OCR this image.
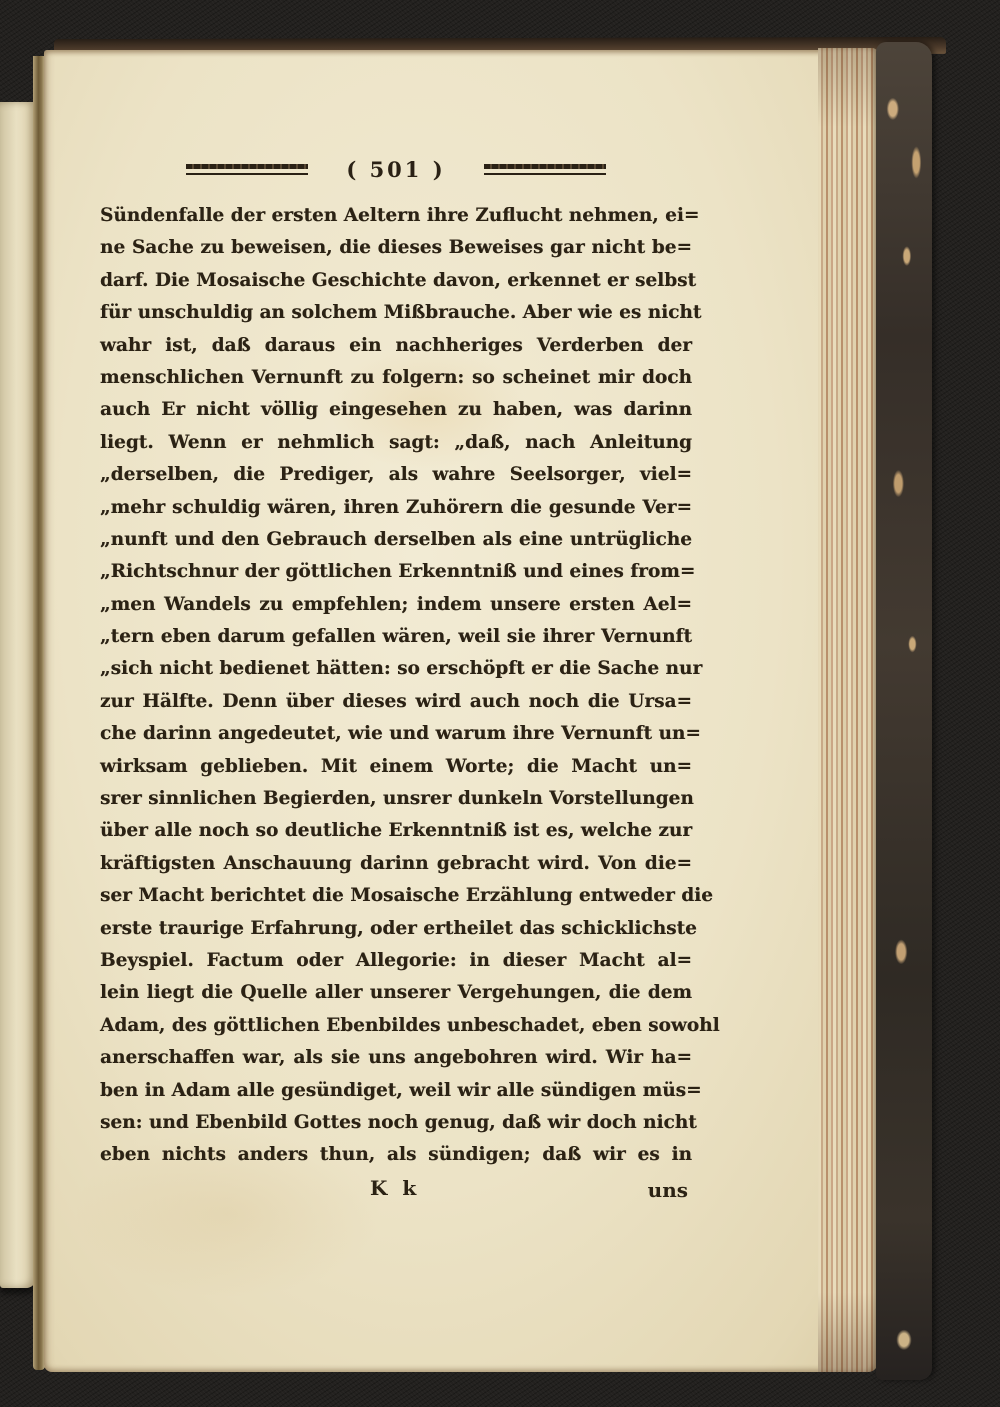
( 501 )
Sündenfalle der ersten Aeltern ihre Zuflucht nehmen, ei=
ne Sache zu beweisen, die dieses Beweises gar nicht be=
darf. Die Mosaische Geschichte davon, erkennet er selbst
für unschuldig an solchem Mißbrauche. Aber wie es nicht
wahr ist, daß daraus ein nachheriges Verderben der
menschlichen Vernunft zu folgern: so scheinet mir doch
auch Er nicht völlig eingesehen zu haben, was darinn
liegt. Wenn er nehmlich sagt: „daß, nach Anleitung
„derselben, die Prediger, als wahre Seelsorger, viel=
„mehr schuldig wären, ihren Zuhörern die gesunde Ver=
„nunft und den Gebrauch derselben als eine untrügliche
„Richtschnur der göttlichen Erkenntniß und eines from=
„men Wandels zu empfehlen; indem unsere ersten Ael=
„tern eben darum gefallen wären, weil sie ihrer Vernunft
„sich nicht bedienet hätten: so erschöpft er die Sache nur
zur Hälfte. Denn über dieses wird auch noch die Ursa=
che darinn angedeutet, wie und warum ihre Vernunft un=
wirksam geblieben. Mit einem Worte; die Macht un=
srer sinnlichen Begierden, unsrer dunkeln Vorstellungen
über alle noch so deutliche Erkenntniß ist es, welche zur
kräftigsten Anschauung darinn gebracht wird. Von die=
ser Macht berichtet die Mosaische Erzählung entweder die
erste traurige Erfahrung, oder ertheilet das schicklichste
Beyspiel. Factum oder Allegorie: in dieser Macht al=
lein liegt die Quelle aller unserer Vergehungen, die dem
Adam, des göttlichen Ebenbildes unbeschadet, eben sowohl
anerschaffen war, als sie uns angebohren wird. Wir ha=
ben in Adam alle gesündiget, weil wir alle sündigen müs=
sen: und Ebenbild Gottes noch genug, daß wir doch nicht
eben nichts anders thun, als sündigen; daß wir es in
K k	uns
